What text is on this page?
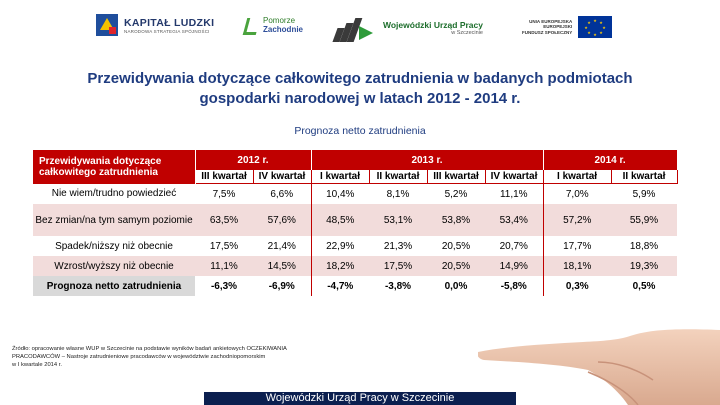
KAPITAŁ LUDZKI
NARODOWA STRATEGIA SPÓJNOŚCI
Pomorze
Zachodnie	Wojewódzki Urząd Pracy
w Szczecinie
UNIA EUROPEJSKA
EUROPEJSKI
FUNDUSZ SPOŁECZNY
★ ★
★
★
★
★
★
★
Przewidywania dotyczące całkowitego zatrudnienia w badanych podmiotach
gospodarki narodowej w latach 2012 - 2014 r.
Prognoza netto zatrudnienia
Przewidywania dotyczące całkowitego zatrudnienia	2012 r.		2013 r.				2014 r.	
	III kwartał	IV kwartał	I kwartał	II kwartał	III kwartał	IV kwartał	I kwartał	II kwartał
Nie wiem/trudno powiedzieć	7,5%	6,6%	10,4%	8,1%	5,2%	11,1%	7,0%	5,9%
Bez zmian/na tym samym poziomie	63,5%	57,6%	48,5%	53,1%	53,8%	53,4%	57,2%	55,9%
Spadek/niższy niż obecnie	17,5%	21,4%	22,9%	21,3%	20,5%	20,7%	17,7%	18,8%
Wzrost/wyższy niż obecnie	11,1%	14,5%	18,2%	17,5%	20,5%	14,9%	18,1%	19,3%
Prognoza netto zatrudnienia	-6,3%	-6,9%	-4,7%	-3,8%	0,0%	-5,8%	0,3%	0,5%
Źródło: opracowanie własne WUP w Szczecinie na podstawie wyników badań ankietowych OCZEKIWANIA
PRACODAWCÓW – Nastroje zatrudnieniowe pracodawców w województwie zachodniopomorskim
w I kwartale 2014 r.
Wojewódzki Urząd Pracy w Szczecinie
